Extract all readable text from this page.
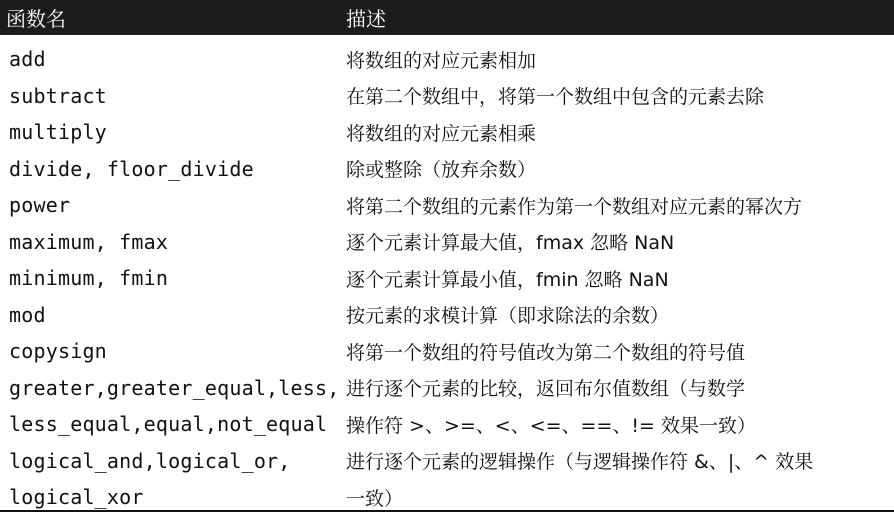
函数名	描述
add	将数组的对应元素相加
subtract	在第二个数组中，将第一个数组中包含的元素去除
multiply	将数组的对应元素相乘
divide, floor_divide	除或整除（放弃余数）
power	将第二个数组的元素作为第一个数组对应元素的幂次方
maximum, fmax	逐个元素计算最大值，fmax 忽略 NaN
minimum, fmin	逐个元素计算最小值，fmin 忽略 NaN
mod	按元素的求模计算（即求除法的余数）
copysign	将第一个数组的符号值改为第二个数组的符号值
greater,greater_equal,less, 进行逐个元素的比较，返回布尔值数组（与数学
less_equal,equal,not_equal 操作符 >、>=、<、<=、==、!= 效果一致）
logical_and,logical_or,	进行逐个元素的逻辑操作（与逻辑操作符 &、|、^ 效果
logical_xor	一致）
